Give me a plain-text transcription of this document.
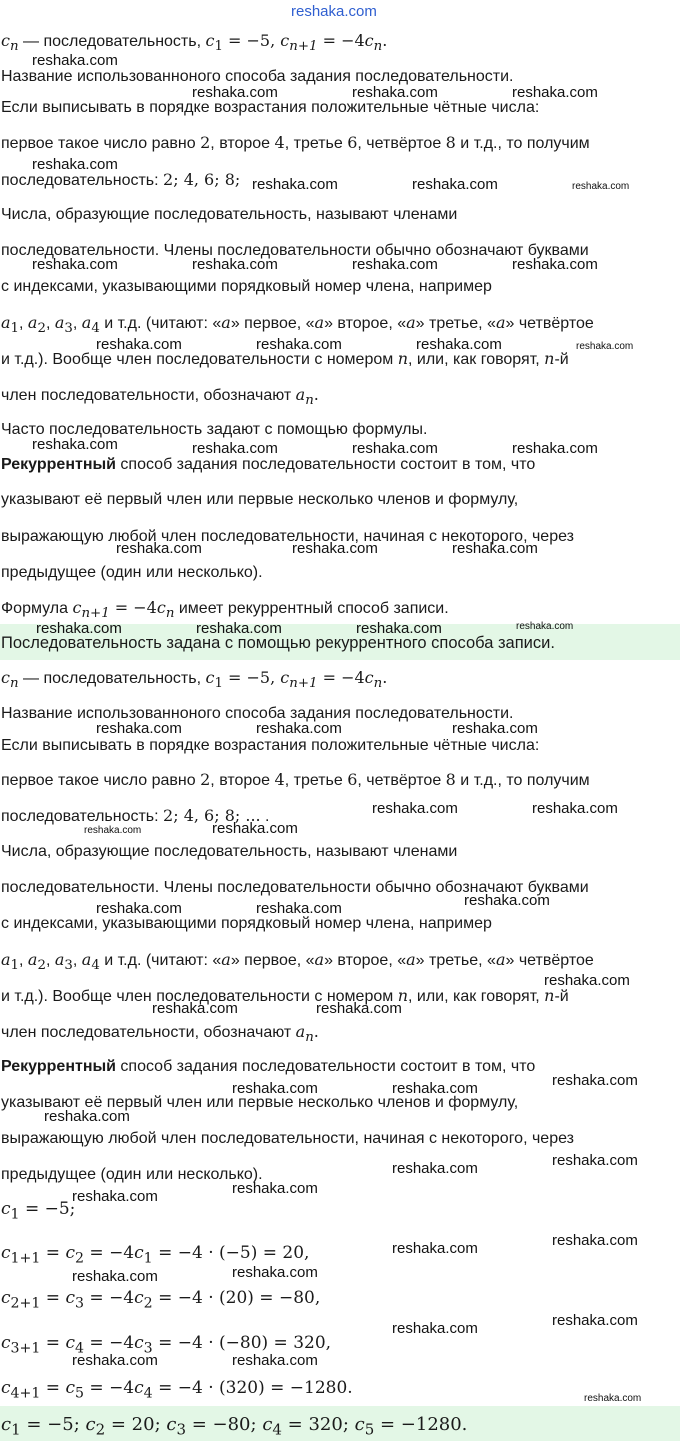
$c_n$ — последовательность, $c_1 = -5$, $c_{n+1} = -4c_n$.
Название использованноного способа задания последовательности.
Если выписывать в порядке возрастания положительные чётные числа:
первое такое число равно 2, второе 4, третье 6, четвёртое 8 и т.д., то получим
последовательность: 2; 4, 6; 8;
Числа, образующие последовательность, называют членами
последовательности. Члены последовательности обычно обозначают буквами
с индексами, указывающими порядковый номер члена, например
$a_1$, $a_2$, $a_3$, $a_4$ и т.д. (читают: «a» первое, «a» второе, «a» третье, «a» четвёртое
и т.д.). Вообще член последовательности с номером n, или, как говорят, n-й
член последовательности, обозначают $a_n$.
Часто последовательность задают с помощью формулы.
Рекуррентный способ задания последовательности состоит в том, что
указывают её первый член или первые несколько членов и формулу,
выражающую любой член последовательности, начиная с некоторого, через
предыдущее (один или несколько).
Формула $c_{n+1} = -4c_n$ имеет рекуррентный способ записи.
Последовательность задана с помощью рекуррентного способа записи.
$c_n$ — последовательность, $c_1 = -5$, $c_{n+1} = -4c_n$.
Название использованноного способа задания последовательности.
Если выписывать в порядке возрастания положительные чётные числа:
первое такое число равно 2, второе 4, третье 6, четвёртое 8 и т.д., то получим
последовательность: 2; 4, 6; 8; ... .
Числа, образующие последовательность, называют членами
последовательности. Члены последовательности обычно обозначают буквами
с индексами, указывающими порядковый номер члена, например
$a_1$, $a_2$, $a_3$, $a_4$ и т.д. (читают: «a» первое, «a» второе, «a» третье, «a» четвёртое
и т.д.). Вообще член последовательности с номером n, или, как говорят, n-й
член последовательности, обозначают $a_n$.
Рекуррентный способ задания последовательности состоит в том, что
указывают её первый член или первые несколько членов и формулу,
выражающую любой член последовательности, начиная с некоторого, через
предыдущее (один или несколько).
$c_1 = -5$;
$c_{1+1} = c_2 = -4c_1 = -4 \cdot (-5) = 20$,
$c_{2+1} = c_3 = -4c_2 = -4 \cdot (20) = -80$,
$c_{3+1} = c_4 = -4c_3 = -4 \cdot (-80) = 320$,
$c_{4+1} = c_5 = -4c_4 = -4 \cdot (320) = -1280$.
$c_1 = -5$; $c_2 = 20$; $c_3 = -80$; $c_4 = 320$; $c_5 = -1280$.
reshaka.com
reshaka.com
reshaka.com	reshaka.com	reshaka.com
reshaka.com
reshaka.com	reshaka.com	reshaka.com
reshaka.com	reshaka.com	reshaka.com	reshaka.com
reshaka.com	reshaka.com	reshaka.com	reshaka.com
reshaka.com	reshaka.com	reshaka.com	reshaka.com
reshaka.com	reshaka.com	reshaka.com
reshaka.com	reshaka.com	reshaka.com	reshaka.com
reshaka.com	reshaka.com	reshaka.com
reshaka.com	reshaka.com
reshaka.com	reshaka.com
reshaka.com	reshaka.com	reshaka.com
reshaka.com
reshaka.com	reshaka.com
reshaka.com
reshaka.com	reshaka.com
reshaka.com
reshaka.com
reshaka.com
reshaka.com
reshaka.com
reshaka.com
reshaka.com
reshaka.com
reshaka.com
reshaka.com
reshaka.com
reshaka.com	reshaka.com
reshaka.com
